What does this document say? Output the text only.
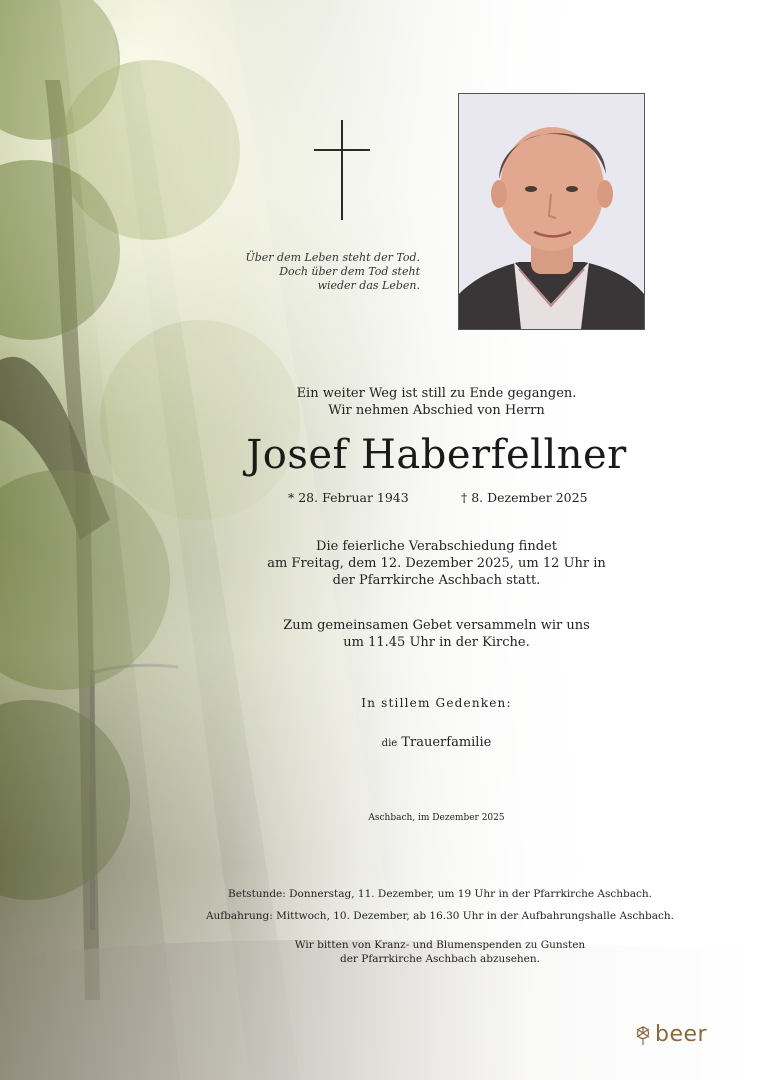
Über dem Leben steht der Tod.
Doch über dem Tod steht
wieder das Leben.
Ein weiter Weg ist still zu Ende gegangen.
Wir nehmen Abschied von Herrn
Josef Haberfellner
* 28. Februar 1943	† 8. Dezember 2025
Die feierliche Verabschiedung findet
am Freitag, dem 12. Dezember 2025, um 12 Uhr in
der Pfarrkirche Aschbach statt.
Zum gemeinsamen Gebet versammeln wir uns
um 11.45 Uhr in der Kirche.
In stillem Gedenken:
die Trauerfamilie
Aschbach, im Dezember 2025
Betstunde: Donnerstag, 11. Dezember, um 19 Uhr in der Pfarrkirche Aschbach.
Aufbahrung: Mittwoch, 10. Dezember, ab 16.30 Uhr in der Aufbahrungshalle Aschbach.
Wir bitten von Kranz- und Blumenspenden zu Gunsten
der Pfarrkirche Aschbach abzusehen.
beer
